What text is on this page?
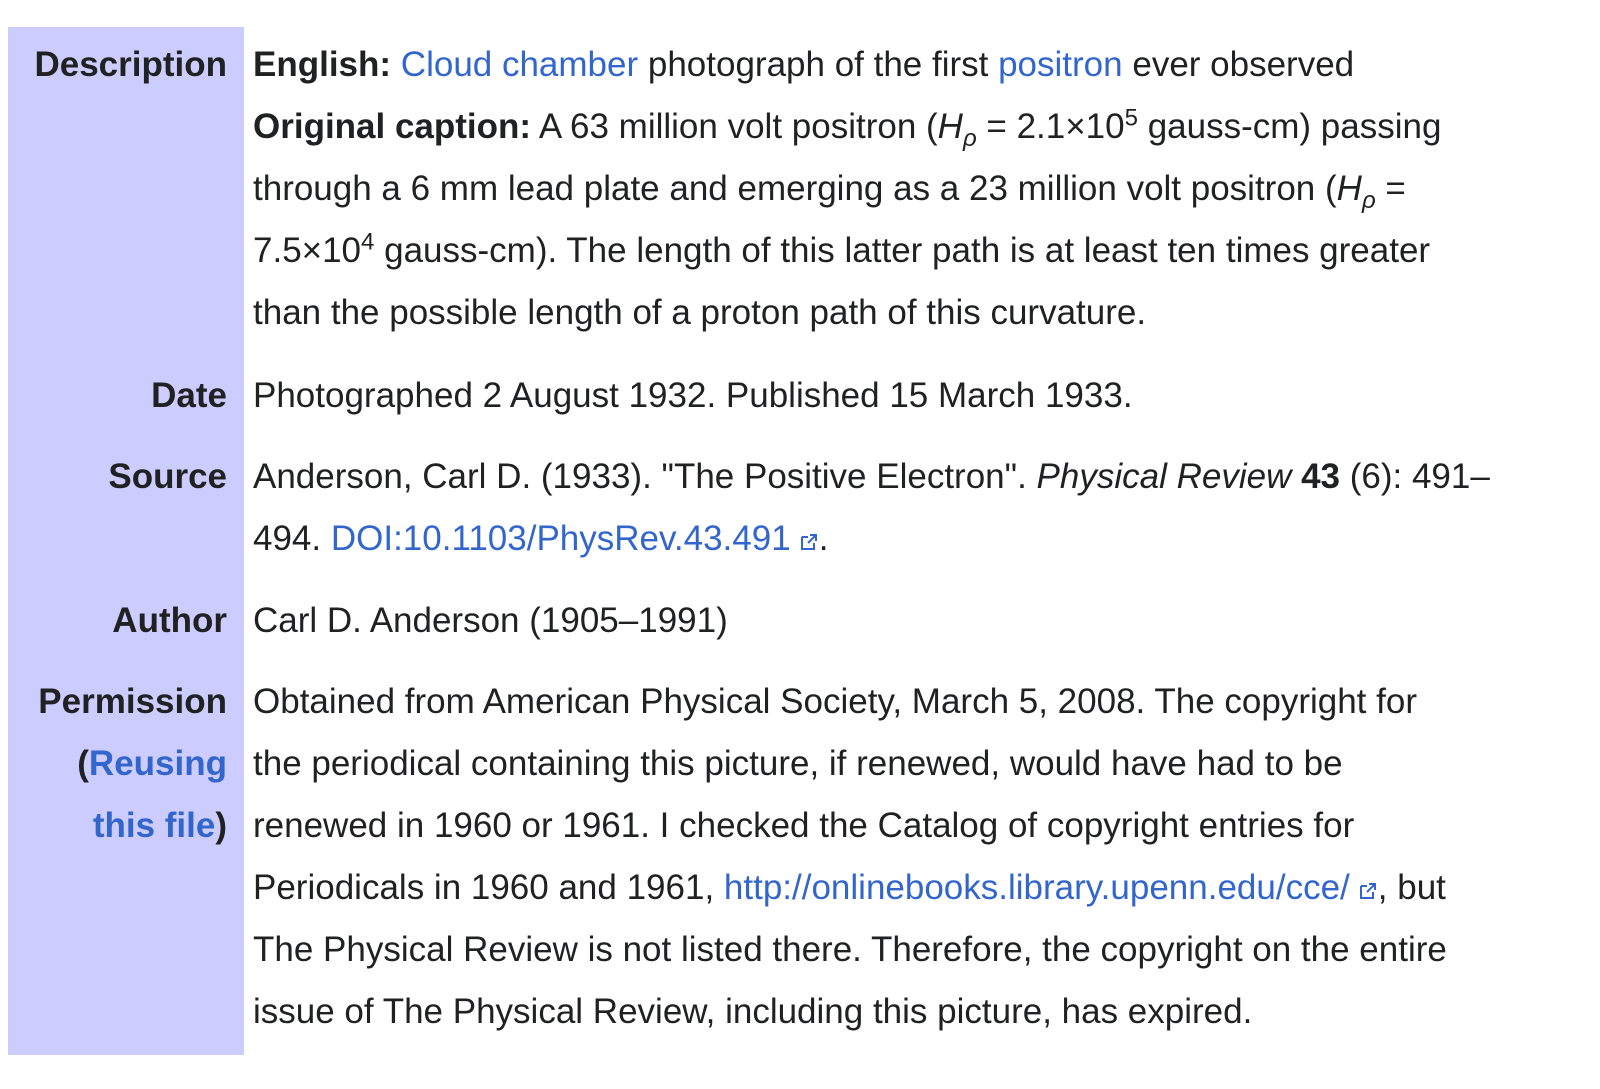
Description English: Cloud chamber photograph of the first positron ever observed
Original caption: A 63 million volt positron ($H_\rho = 2.1\times 10^5$ gauss-cm) passing
through a 6 mm lead plate and emerging as a 23 million volt positron ($H_\rho$ =
$7.5\times 10^4$ gauss-cm). The length of this latter path is at least ten times greater
than the possible length of a proton path of this curvature.
Date Photographed 2 August 1932. Published 15 March 1933.
Source Anderson, Carl D. (1933). "The Positive Electron". Physical Review 43 (6): 491–
494. DOI:10.1103/PhysRev.43.491 .
Author Carl D. Anderson (1905–1991)
Permission
(Reusing
this file)
Obtained from American Physical Society, March 5, 2008. The copyright for
the periodical containing this picture, if renewed, would have had to be
renewed in 1960 or 1961. I checked the Catalog of copyright entries for
Periodicals in 1960 and 1961, http://onlinebooks.library.upenn.edu/cce/ , but
The Physical Review is not listed there. Therefore, the copyright on the entire
issue of The Physical Review, including this picture, has expired.
